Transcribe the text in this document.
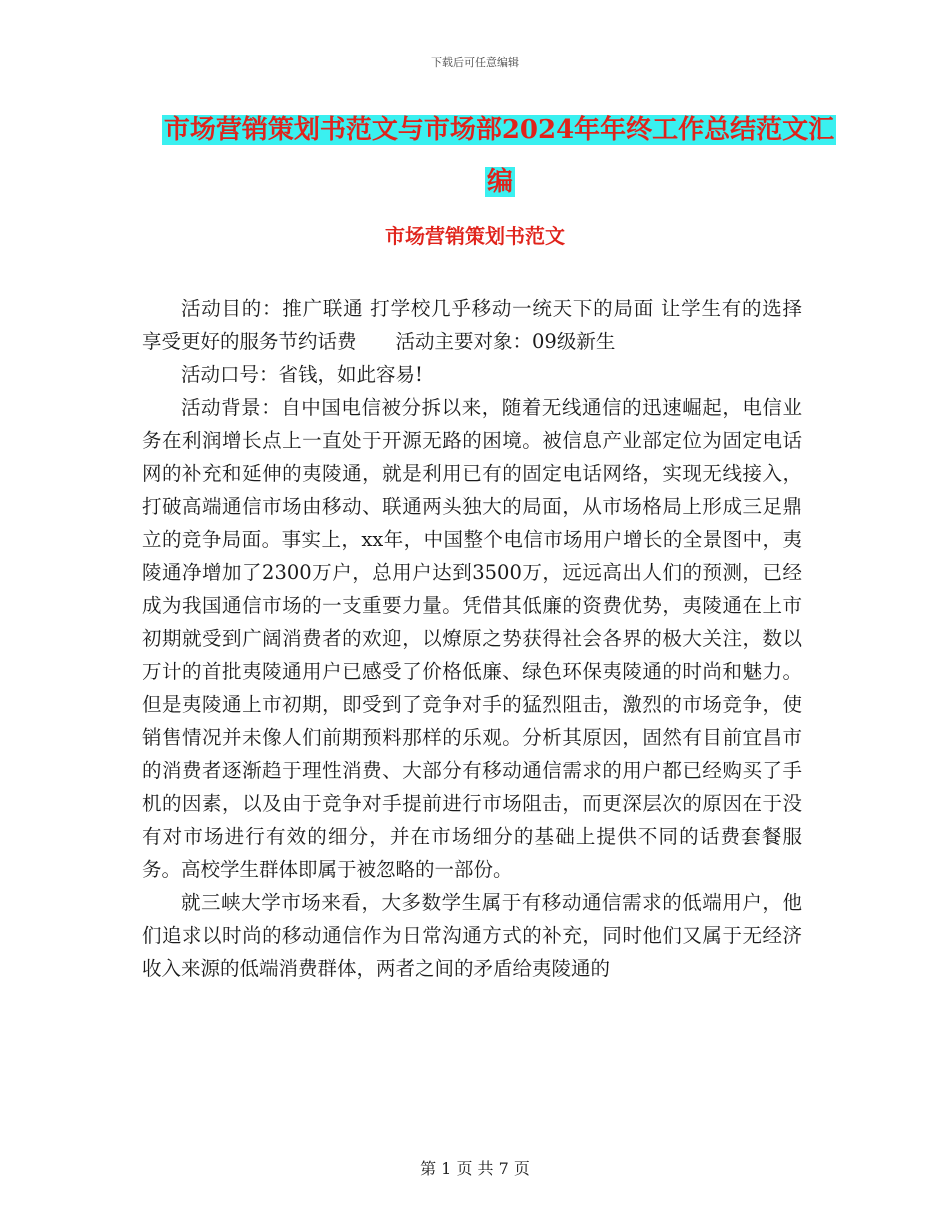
下载后可任意编辑
市场营销策划书范文与市场部2024年年终工作总结范文汇编
市场营销策划书范文

活动目的：推广联通 打学校几乎移动一统天下的局面 让学生有的选择 享受更好的服务节约话费　　活动主要对象：09级新生

活动口号：省钱，如此容易!

活动背景：自中国电信被分拆以来，随着无线通信的迅速崛起，电信业务在利润增长点上一直处于开源无路的困境。被信息产业部定位为固定电话网的补充和延伸的夷陵通，就是利用已有的固定电话网络，实现无线接入，打破高端通信市场由移动、联通两头独大的局面，从市场格局上形成三足鼎立的竞争局面。事实上，xx年，中国整个电信市场用户增长的全景图中，夷陵通净增加了2300万户，总用户达到3500万，远远高出人们的预测，已经成为我国通信市场的一支重要力量。凭借其低廉的资费优势，夷陵通在上市初期就受到广阔消费者的欢迎，以燎原之势获得社会各界的极大关注，数以万计的首批夷陵通用户已感受了价格低廉、绿色环保夷陵通的时尚和魅力。但是夷陵通上市初期，即受到了竞争对手的猛烈阻击，激烈的市场竞争，使销售情况并未像人们前期预料那样的乐观。分析其原因，固然有目前宜昌市的消费者逐渐趋于理性消费、大部分有移动通信需求的用户都已经购买了手机的因素，以及由于竞争对手提前进行市场阻击，而更深层次的原因在于没有对市场进行有效的细分，并在市场细分的基础上提供不同的话费套餐服务。高校学生群体即属于被忽略的一部份。

就三峡大学市场来看，大多数学生属于有移动通信需求的低端用户，他们追求以时尚的移动通信作为日常沟通方式的补充，同时他们又属于无经济收入来源的低端消费群体，两者之间的矛盾给夷陵通的

第 1 页 共 7 页
